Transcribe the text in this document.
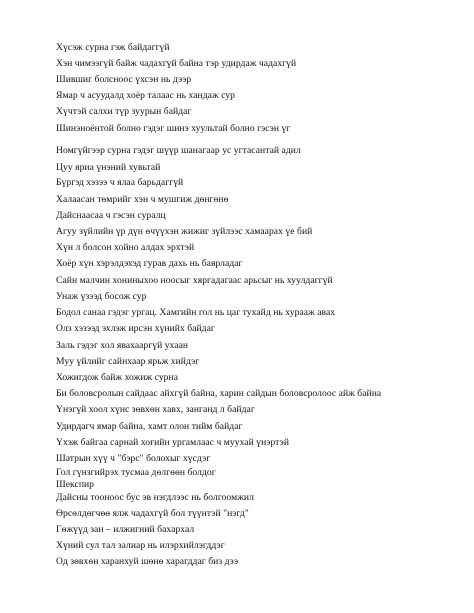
Хүсэж сурна гэж байдаггүй
Хэн чимээгүй байж чадахгүй байна тэр удирдаж чадахгүй
Шившиг болсноос үхсэн нь дээр
Ямар ч асуудалд хоёр талаас нь хандаж сур
Хүчтэй салхи түр зуурын байдаг
Шинэноёнтой болно гэдэг шинэ хуультай болно гэсэн үг
Номгүйгээр сурна гэдэг шүүр шанагаар ус угтасантай адил
Цуу яриа үнэний хувьтай
Бүргэд хэзээ ч ялаа барьдаггүй
Халаасан төмрийг хэн ч мушгиж дөнгөнө
Дайснаасаа ч гэсэн суралц
Агуу зүйлийн үр дүн өчүүхэн жижиг зүйлээс хамаарах үе бий
Хүн л болсон хойно алдах эрхтэй
Хоёр хүн хэрэлдэхэд гурав дахь нь баярладаг
Сайн малчин хониныхоо ноосыг хяргадагаас арьсыг нь хуулдаггүй
Унаж үзээд босож сур
Бодол санаа гэдэг ургац. Хамгийн гол нь цаг тухайд нь хурааж авах
Олз хэзээд эхлэж ирсэн хүнийх байдаг
Заль гэдэг хол явахааргүй ухаан
Муу үйлийг сайнхаар ярьж хийдэг
Хожигдож байж хожиж сурна
Би боловсролын сайдаас айхгүй байна, харин сайдын боловсролоос айж байна
Үнэгүй хоол хүнс зөвхөн хавх, занганд л байдаг
Удирдагч ямар байна, хамт олон тийм байдаг
Үхэж байгаа сарнай хоғийн ургамлаас ч муухай үнэртэй
Шатрын хүү ч "бэрс" болохыг хүсдэг
Гол гүнзгийрэх тусмаа дөлгөөн болдог
Шекспир
Дайсны тооноос бус эв нэгдлээс нь болгоомжил
Өрсөлдөгчөө ялж чадахгүй бол түүнтэй "нэгд"
Гөжүүд зан – илжигний бахархал
Хүний сул тал залиар нь илэрхийлэгддэг
Од зөвхөн харанхуй шөнө харагддаг биз дээ
